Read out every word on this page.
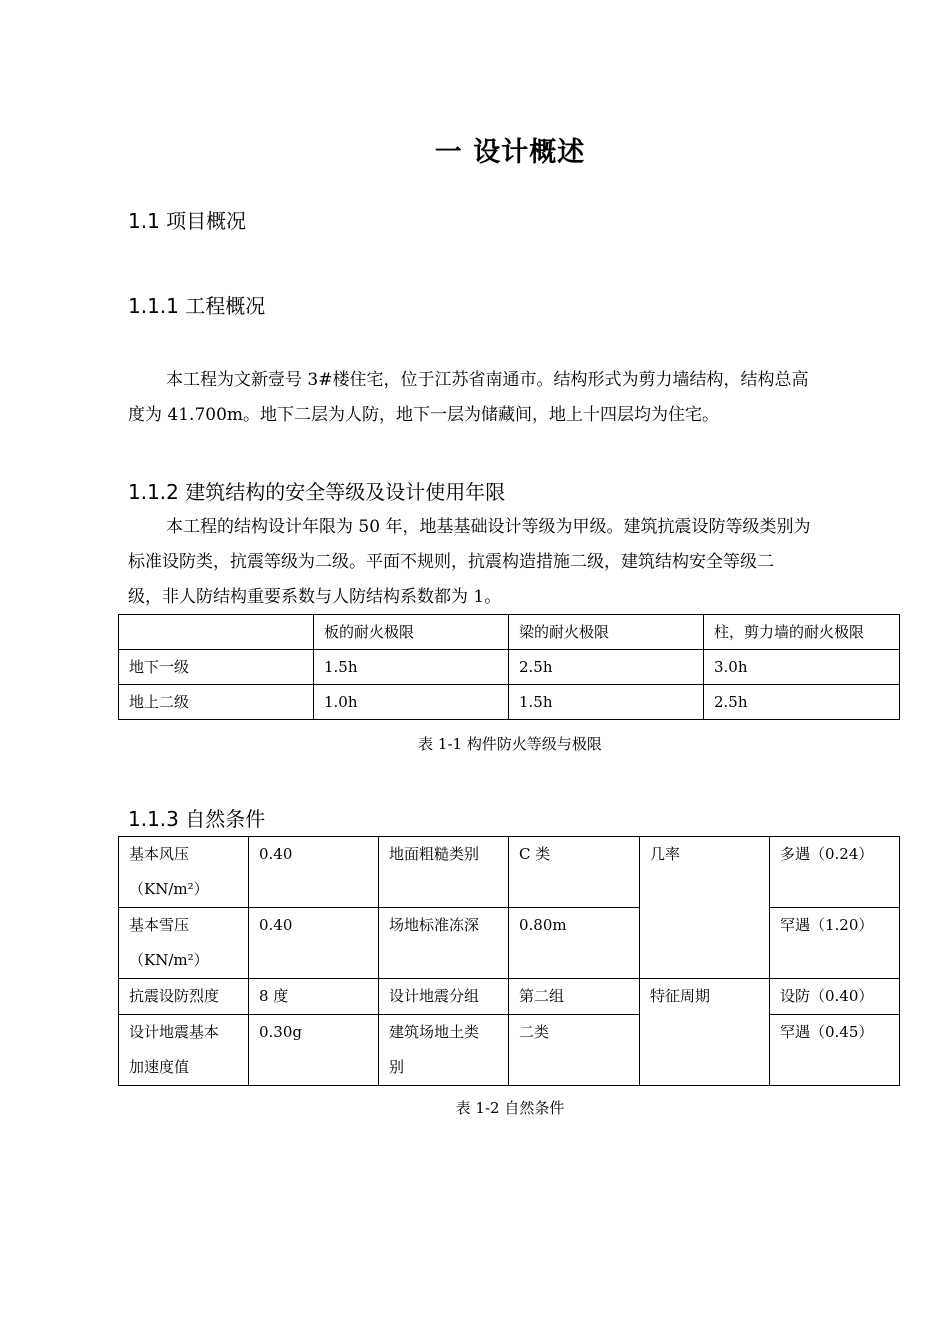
一 设计概述
1.1 项目概况
1.1.1 工程概况

本工程为文新壹号 3#楼住宅，位于江苏省南通市。结构形式为剪力墙结构，结构总高

度为 41.700m。地下二层为人防，地下一层为储藏间，地上十四层均为住宅。

1.1.2 建筑结构的安全等级及设计使用年限

本工程的结构设计年限为 50 年，地基基础设计等级为甲级。建筑抗震设防等级类别为

标准设防类，抗震等级为二级。平面不规则，抗震构造措施二级，建筑结构安全等级二

级，非人防结构重要系数与人防结构系数都为 1。

	板的耐火极限	梁的耐火极限	柱，剪力墙的耐火极限
地下一级	1.5h	2.5h	3.0h
地上二级	1.0h	1.5h	2.5h
表 1-1 构件防火等级与极限
1.1.3 自然条件
基本风压
（KN/m²）	0.40	地面粗糙类别	C 类	几率	多遇（0.24）
基本雪压
（KN/m²）	0.40	场地标准冻深	0.80m		罕遇（1.20）
抗震设防烈度	8 度	设计地震分组	第二组	特征周期	设防（0.40）
设计地震基本
加速度值	0.30g	建筑场地土类
别	二类		罕遇（0.45）
表 1-2 自然条件
